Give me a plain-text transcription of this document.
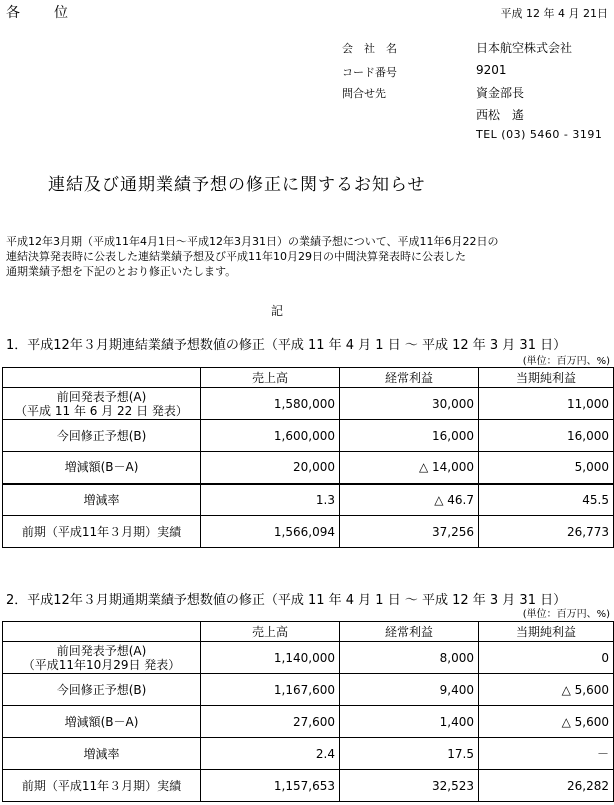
各位	平成 12 年 4 月 21日
会　社　名	日本航空株式会社
コード番号	9201
問合せ先	資金部長
西松　遙
TEL (03) 5460 - 3191
連結及び通期業績予想の修正に関するお知らせ
平成12年3月期（平成11年4月1日～平成12年3月31日）の業績予想について、平成11年6月22日の
連結決算発表時に公表した連結業績予想及び平成11年10月29日の中間決算発表時に公表した
通期業績予想を下記のとおり修正いたします。
記
1．平成12年３月期連結業績予想数値の修正（平成 11 年 4 月 1 日 ～ 平成 12 年 3 月 31 日）
(単位：百万円、%)
	売上高	経常利益	当期純利益

前回発表予想(A)
（平成 11 年 6 月 22 日 発表）	1,580,000	30,000	11,000
今回修正予想(B)	1,600,000	16,000	16,000
増減額(B－A)	20,000	△ 14,000	5,000
増減率	1.3	△ 46.7	45.5
前期（平成11年３月期）実績	1,566,094	37,256	26,773
2．平成12年３月期通期業績予想数値の修正（平成 11 年 4 月 1 日 ～ 平成 12 年 3 月 31 日）
(単位：百万円、%)
	売上高	経常利益	当期純利益

前回発表予想(A)
（平成11年10月29日 発表）	1,140,000	8,000	0
今回修正予想(B)	1,167,600	9,400	△ 5,600
増減額(B－A)	27,600	1,400	△ 5,600
増減率	2.4	17.5	－
前期（平成11年３月期）実績	1,157,653	32,523	26,282
